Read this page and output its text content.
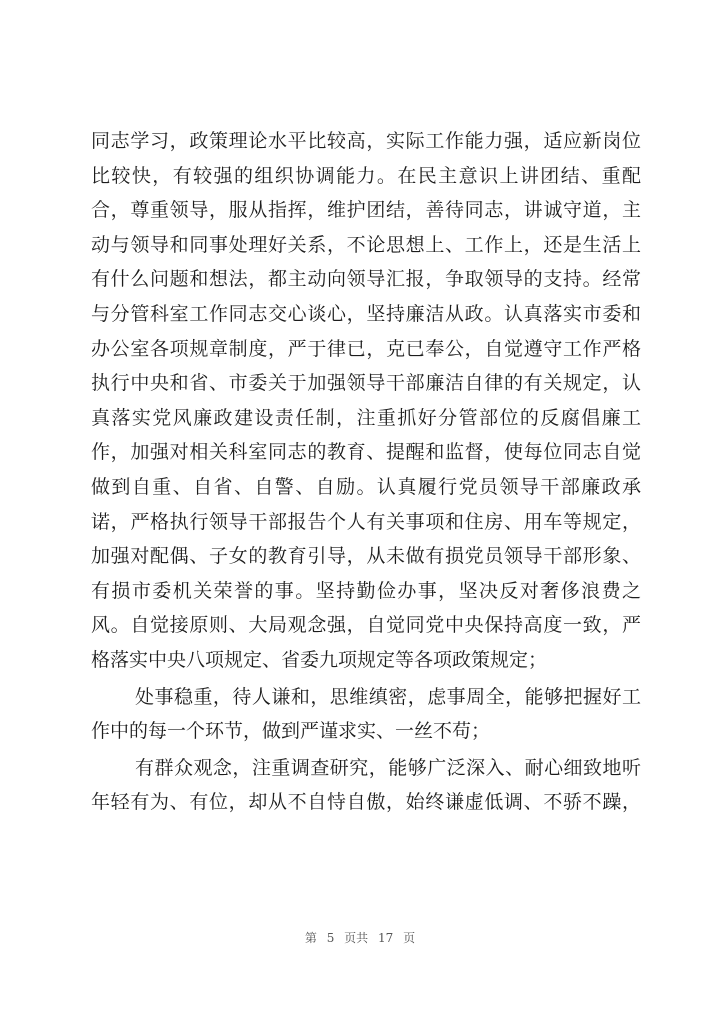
同志学习，政策理论水平比较高，实际工作能力强，适应新岗位
比较快，有较强的组织协调能力。在民主意识上讲团结、重配
合，尊重领导，服从指挥，维护团结，善待同志，讲诚守道，主
动与领导和同事处理好关系，不论思想上、工作上，还是生活上
有什么问题和想法，都主动向领导汇报，争取领导的支持。经常
与分管科室工作同志交心谈心，坚持廉洁从政。认真落实市委和
办公室各项规章制度，严于律已，克已奉公，自觉遵守工作严格
执行中央和省、市委关于加强领导干部廉洁自律的有关规定，认
真落实党风廉政建设责任制，注重抓好分管部位的反腐倡廉工
作，加强对相关科室同志的教育、提醒和监督，使每位同志自觉
做到自重、自省、自警、自励。认真履行党员领导干部廉政承
诺，严格执行领导干部报告个人有关事项和住房、用车等规定，
加强对配偶、子女的教育引导，从未做有损党员领导干部形象、
有损市委机关荣誉的事。坚持勤俭办事，坚决反对奢侈浪费之
风。自觉接原则、大局观念强，自觉同党中央保持高度一致，严
格落实中央八项规定、省委九项规定等各项政策规定；
处事稳重，待人谦和，思维缜密，虑事周全，能够把握好工
作中的每一个环节，做到严谨求实、一丝不苟；
有群众观念，注重调查研究，能够广泛深入、耐心细致地听
年轻有为、有位，却从不自恃自傲，始终谦虚低调、不骄不躁，
第 5 页共 17 页
